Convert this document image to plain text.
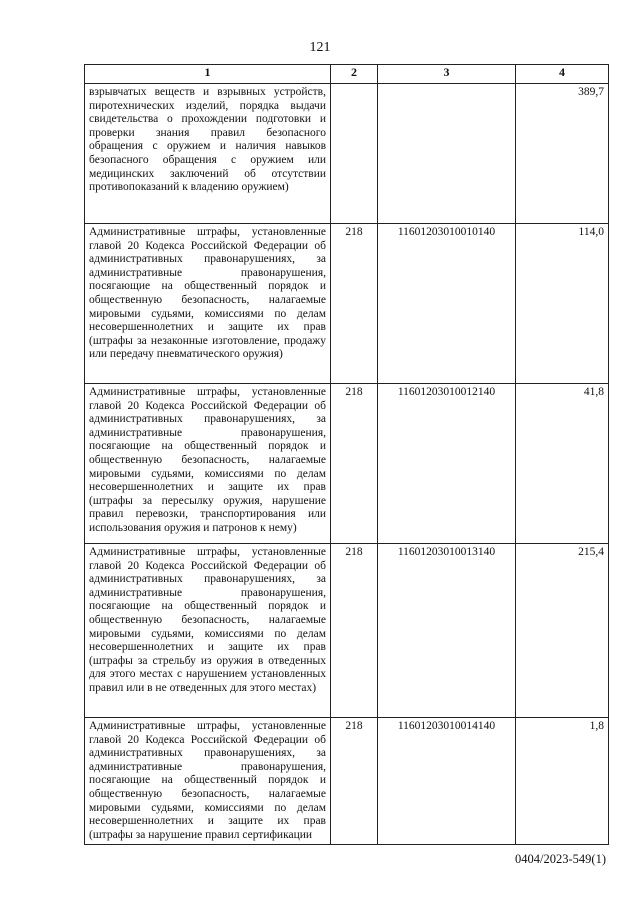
121
1	2	3	4
взрывчатых веществ и взрывных устройств, пиротехнических изделий, порядка выдачи свидетельства о прохождении подготовки и проверки знания правил безопасного обращения с оружием и наличия навыков безопасного обращения с оружием или медицинских заключений об отсутствии противопоказаний к владению оружием)			389,7
Административные штрафы, установленные главой 20 Кодекса Российской Федерации об административных правонарушениях, за административные правонарушения, посягающие на общественный порядок и общественную безопасность, налагаемые мировыми судьями, комиссиями по делам несовершеннолетних и защите их прав (штрафы за незаконные изготовление, продажу или передачу пневматического оружия)	218	11601203010010140	114,0
Административные штрафы, установленные главой 20 Кодекса Российской Федерации об административных правонарушениях, за административные правонарушения, посягающие на общественный порядок и общественную безопасность, налагаемые мировыми судьями, комиссиями по делам несовершеннолетних и защите их прав (штрафы за пересылку оружия, нарушение правил перевозки, транспортирования или использования оружия и патронов к нему)	218	11601203010012140	41,8
Административные штрафы, установленные главой 20 Кодекса Российской Федерации об административных правонарушениях, за административные правонарушения, посягающие на общественный порядок и общественную безопасность, налагаемые мировыми судьями, комиссиями по делам несовершеннолетних и защите их прав (штрафы за стрельбу из оружия в отведенных для этого местах с нарушением установленных правил или в не отведенных для этого местах)	218	11601203010013140	215,4
Административные штрафы, установленные главой 20 Кодекса Российской Федерации об административных правонарушениях, за административные правонарушения, посягающие на общественный порядок и общественную безопасность, налагаемые мировыми судьями, комиссиями по делам несовершеннолетних и защите их прав (штрафы за нарушение правил сертификации	218	11601203010014140	1,8
0404/2023-549(1)
